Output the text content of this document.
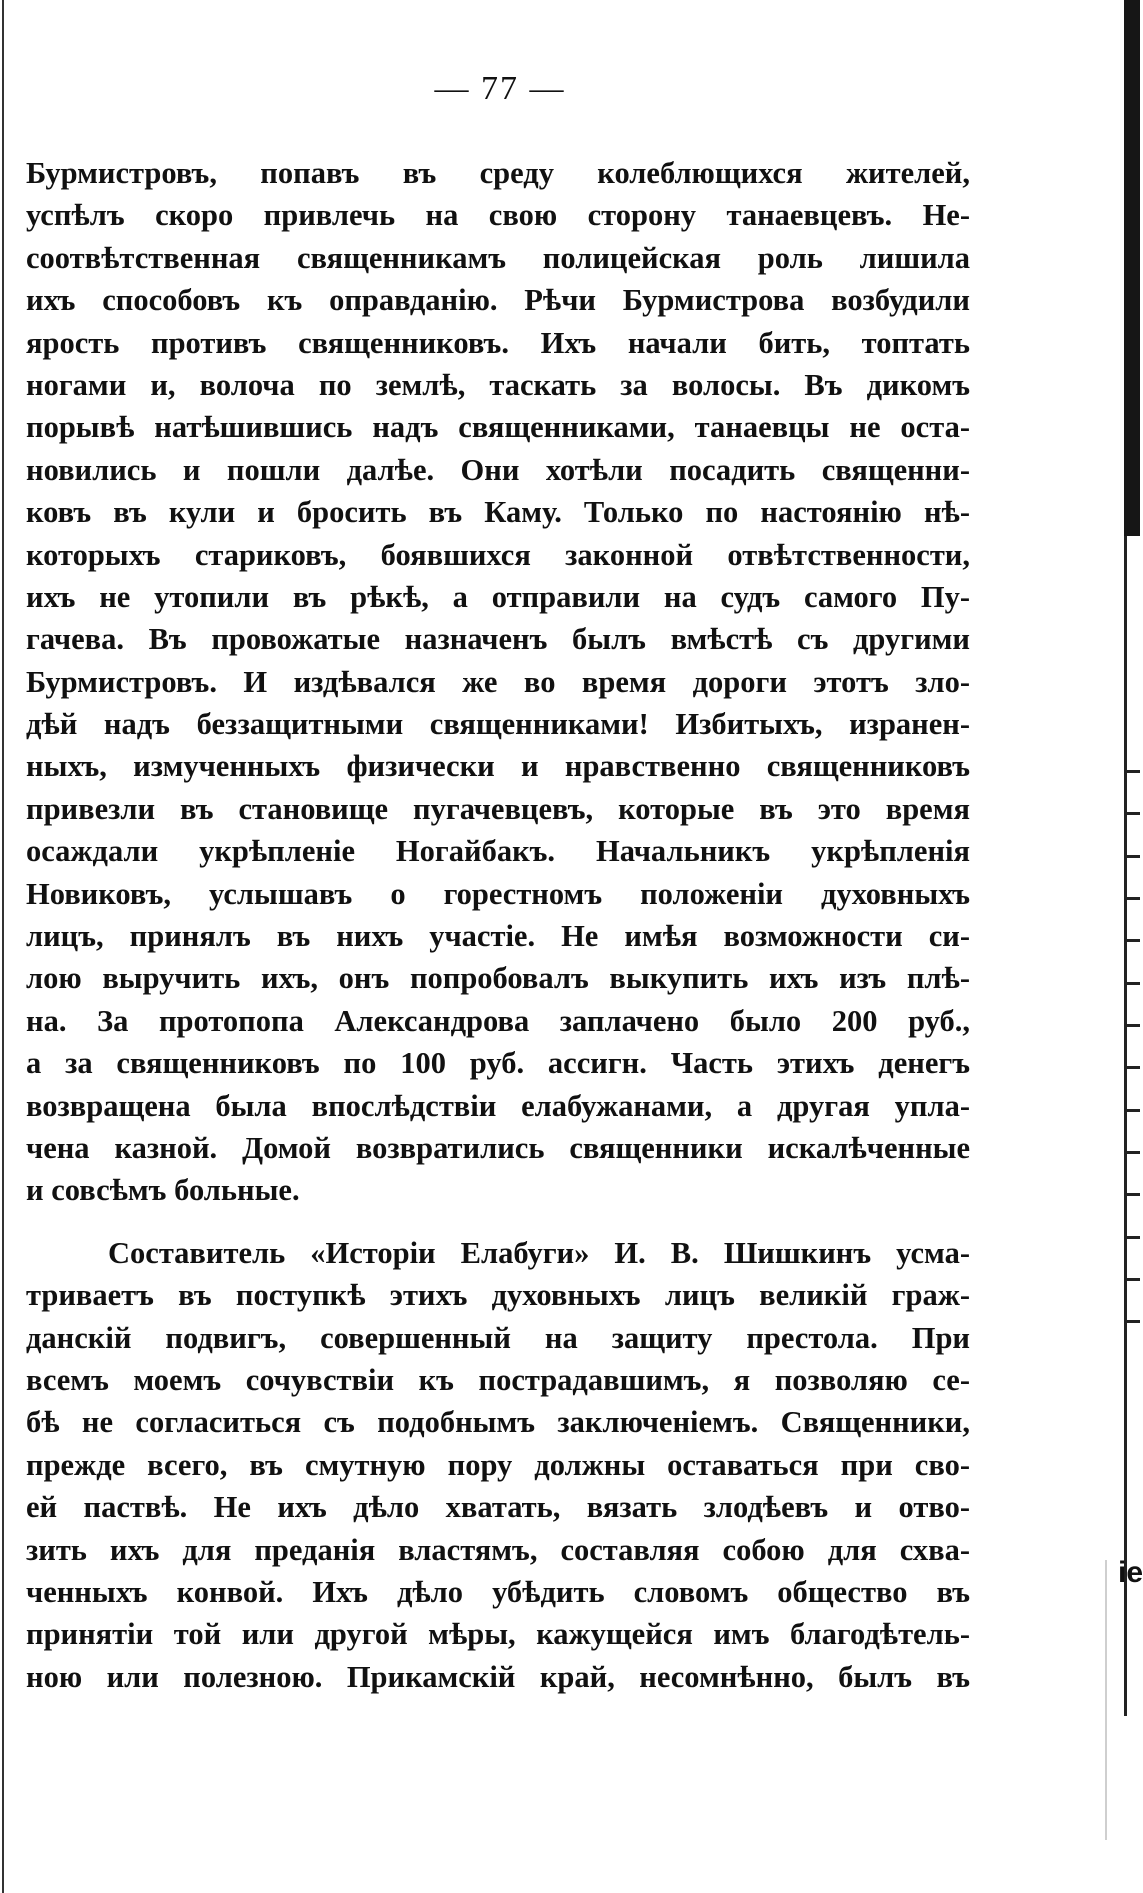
— 77 —
Бурмистровъ, попавъ въ среду колеблющихся жителей,
успѣлъ скоро привлечь на свою сторону танаевцевъ. Не-
соотвѣтственная священникамъ полицейская роль лишила
ихъ способовъ къ оправданію. Рѣчи Бурмистрова возбудили
ярость противъ священниковъ. Ихъ начали бить, топтать
ногами и, волоча по землѣ, таскать за волосы. Въ дикомъ
порывѣ натѣшившись надъ священниками, танаевцы не оста-
новились и пошли далѣе. Они хотѣли посадить священни-
ковъ въ кули и бросить въ Каму. Только по настоянію нѣ-
которыхъ стариковъ, боявшихся законной отвѣтственности,
ихъ не утопили въ рѣкѣ, а отправили на судъ самого Пу-
гачева. Въ провожатые назначенъ былъ вмѣстѣ съ другими
Бурмистровъ. И издѣвался же во время дороги этотъ зло-
дѣй надъ беззащитными священниками! Избитыхъ, изранен-
ныхъ, измученныхъ физически и нравственно священниковъ
привезли въ становище пугачевцевъ, которые въ это время
осаждали укрѣпленіе Ногайбакъ. Начальникъ укрѣпленія
Новиковъ, услышавъ о горестномъ положеніи духовныхъ
лицъ, принялъ въ нихъ участіе. Не имѣя возможности си-
лою выручить ихъ, онъ попробовалъ выкупить ихъ изъ плѣ-
на. За протопопа Александрова заплачено было 200 руб.,
а за священниковъ по 100 руб. ассигн. Часть этихъ денегъ
возвращена была впослѣдствіи елабужанами, а другая упла-
чена казной. Домой возвратились священники искалѣченные
и совсѣмъ больные.
Составитель «Исторіи Елабуги» И. В. Шишкинъ усма-
триваетъ въ поступкѣ этихъ духовныхъ лицъ великій граж-
данскій подвигъ, совершенный на защиту престола. При
всемъ моемъ сочувствіи къ пострадавшимъ, я позволяю се-
бѣ не согласиться съ подобнымъ заключеніемъ. Священники,
прежде всего, въ смутную пору должны оставаться при сво-
ей паствѣ. Не ихъ дѣло хватать, вязать злодѣевъ и отво-
зить ихъ для преданія властямъ, составляя собою для схва-
ченныхъ конвой. Ихъ дѣло убѣдить словомъ общество въ
принятіи той или другой мѣры, кажущейся имъ благодѣтель-
ною или полезною. Прикамскій край, несомнѣнно, былъ въ
ie
